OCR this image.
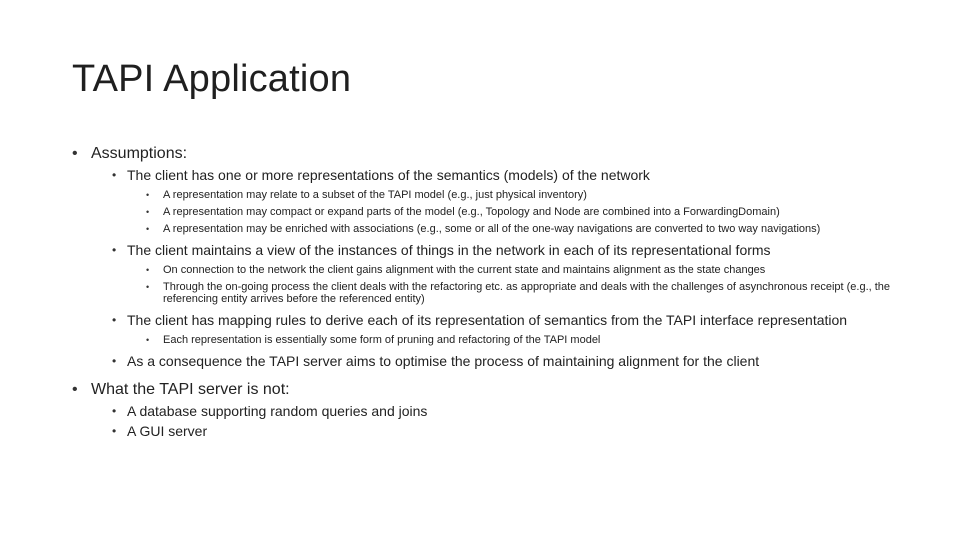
TAPI Application
• Assumptions:
• The client has one or more representations of the semantics (models) of the network
• A representation may relate to a subset of the TAPI model (e.g., just physical inventory)
• A representation may compact or expand parts of the model (e.g., Topology and Node are combined into a ForwardingDomain)
• A representation may be enriched with associations (e.g., some or all of the one-way navigations are converted to two way navigations)
• The client maintains a view of the instances of things in the network in each of its representational forms
• On connection to the network the client gains alignment with the current state and maintains alignment as the state changes
• Through the on-going process the client deals with the refactoring etc. as appropriate and deals with the challenges of asynchronous receipt (e.g., the referencing entity arrives before the referenced entity)
• The client has mapping rules to derive each of its representation of semantics from the TAPI interface representation
• Each representation is essentially some form of pruning and refactoring of the TAPI model
• As a consequence the TAPI server aims to optimise the process of maintaining alignment for the client
• What the TAPI server is not:
• A database supporting random queries and joins
• A GUI server
